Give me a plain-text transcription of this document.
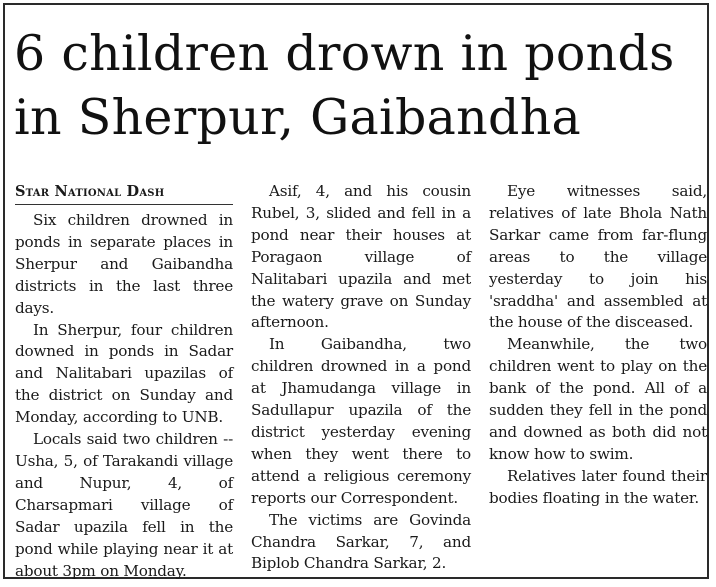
6 children drown in ponds
in Sherpur, Gaibandha
Star National Dash

Six children drowned in ponds in separate places in Sherpur and Gaibandha districts in the last three days.

In Sherpur, four children downed in ponds in Sadar and Nalitabari upazilas of the district on Sunday and Monday, according to UNB.

Locals said two children -- Usha, 5, of Tarakandi village and Nupur, 4, of Charsapmari village of Sadar upazila fell in the pond while playing near it at about 3pm on Monday.

Asif, 4, and his cousin Rubel, 3, slided and fell in a pond near their houses at Poragaon village of Nalitabari upazila and met the watery grave on Sunday afternoon.

In Gaibandha, two children drowned in a pond at Jhamudanga village in Sadullapur upazila of the district yesterday evening when they went there to attend a religious ceremony reports our Correspondent.

The victims are Govinda Chandra Sarkar, 7, and Biplob Chandra Sarkar, 2.

Eye witnesses said, relatives of late Bhola Nath Sarkar came from far-flung areas to the village yesterday to join his 'sraddha' and assembled at the house of the disceased.

Meanwhile, the two children went to play on the bank of the pond. All of a sudden they fell in the pond and downed as both did not know how to swim.

Relatives later found their bodies floating in the water.
